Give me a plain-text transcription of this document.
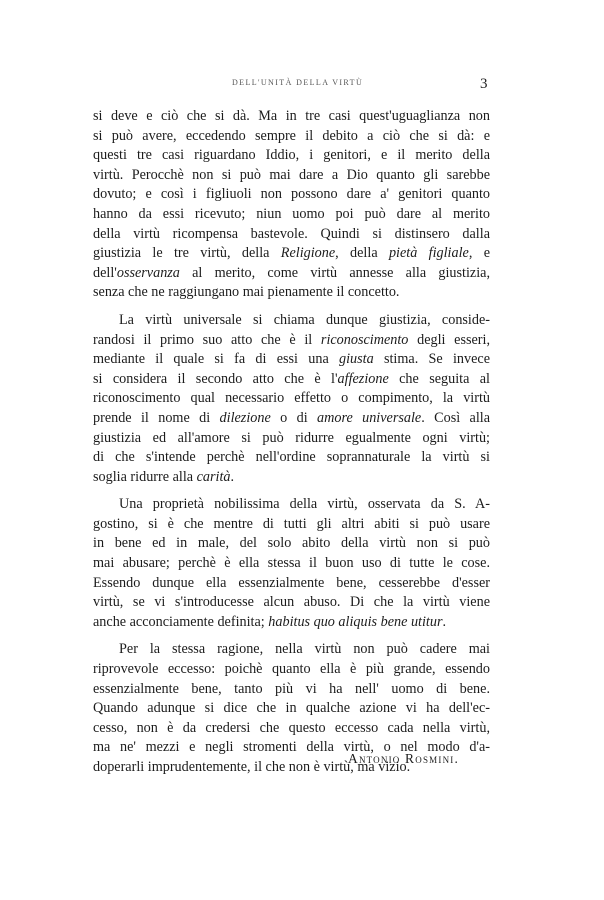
DELL'UNITÀ DELLA VIRTÙ	3
si deve e ciò che si dà. Ma in tre casi quest'uguaglianza non
si può avere, eccedendo sempre il debito a ciò che si dà: e
questi tre casi riguardano Iddio, i genitori, e il merito della
virtù. Perocchè non si può mai dare a Dio quanto gli sarebbe
dovuto; e così i figliuoli non possono dare a' genitori quanto
hanno da essi ricevuto; niun uomo poi può dare al merito
della virtù ricompensa bastevole. Quindi si distinsero dalla
giustizia le tre virtù, della Religione, della pietà figliale, e
dell'osservanza al merito, come virtù annesse alla giustizia,
senza che ne raggiungano mai pienamente il concetto.
La virtù universale si chiama dunque giustizia, conside-
randosi il primo suo atto che è il riconoscimento degli esseri,
mediante il quale si fa di essi una giusta stima. Se invece
si considera il secondo atto che è l'affezione che seguita al
riconoscimento qual necessario effetto o compimento, la virtù
prende il nome di dilezione o di amore universale. Così alla
giustizia ed all'amore si può ridurre egualmente ogni virtù;
di che s'intende perchè nell'ordine soprannaturale la virtù si
soglia ridurre alla carità.
Una proprietà nobilissima della virtù, osservata da S. A-
gostino, si è che mentre di tutti gli altri abiti si può usare
in bene ed in male, del solo abito della virtù non si può
mai abusare; perchè è ella stessa il buon uso di tutte le cose.
Essendo dunque ella essenzialmente bene, cesserebbe d'esser
virtù, se vi s'introducesse alcun abuso. Di che la virtù viene
anche acconciamente definita; habitus quo aliquis bene utitur.
Per la stessa ragione, nella virtù non può cadere mai
riprovevole eccesso: poichè quanto ella è più grande, essendo
essenzialmente bene, tanto più vi ha nell' uomo di bene.
Quando adunque si dice che in qualche azione vi ha dell'ec-
cesso, non è da credersi che questo eccesso cada nella virtù,
ma ne' mezzi e negli stromenti della virtù, o nel modo d'a-
doperarli imprudentemente, il che non è virtù, ma vizio.
Antonio Rosmini.
